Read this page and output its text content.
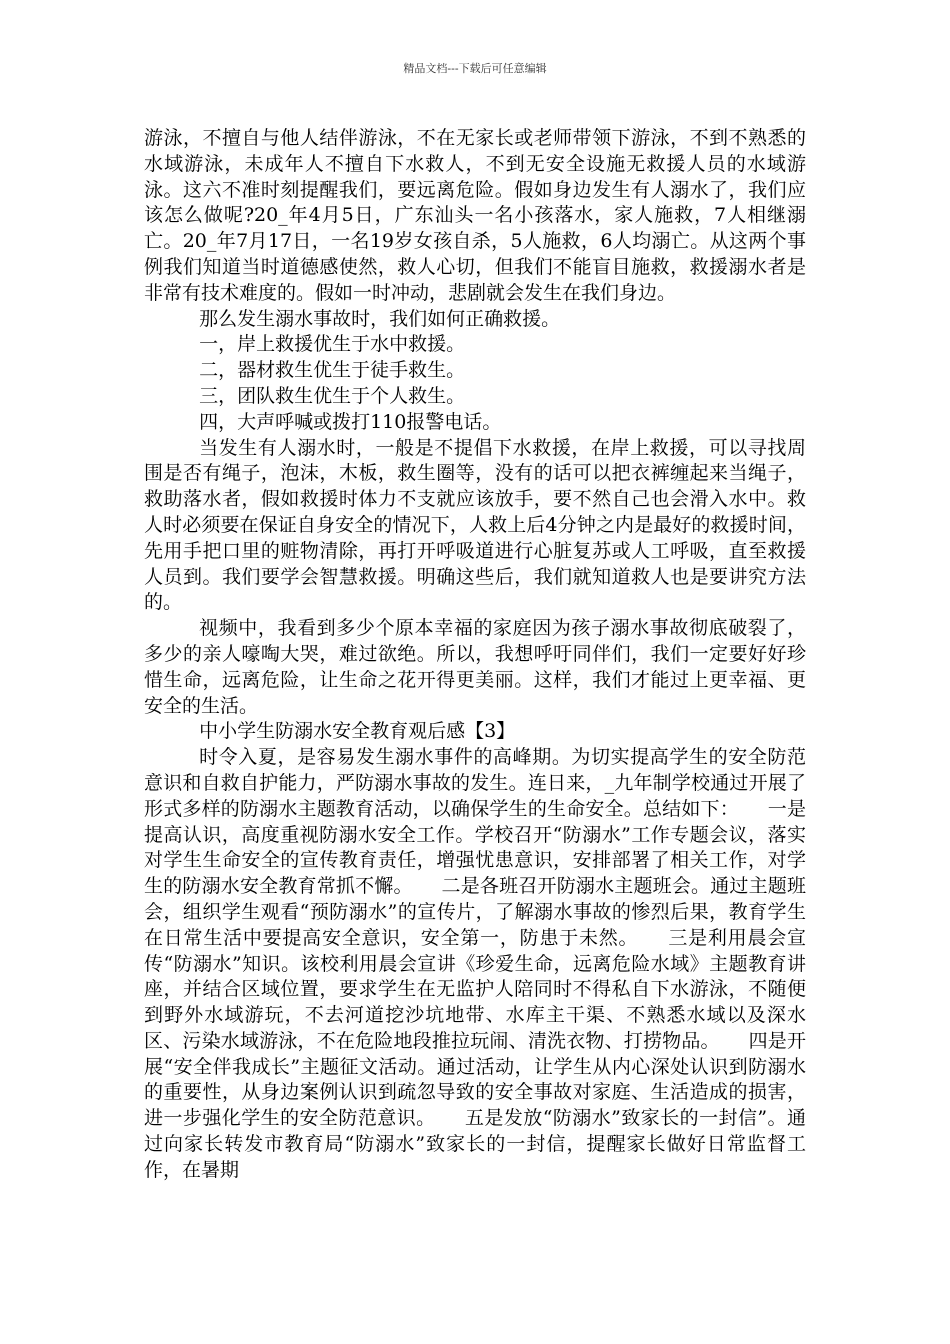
精品文档---下载后可任意编辑

游泳，不擅自与他人结伴游泳，不在无家长或老师带领下游泳，不到不熟悉的水域游泳，未成年人不擅自下水救人，不到无安全设施无救援人员的水域游泳。这六不准时刻提醒我们，要远离危险。假如身边发生有人溺水了，我们应该怎么做呢?20_年4月5日，广东汕头一名小孩落水，家人施救，7人相继溺亡。20_年7月17日，一名19岁女孩自杀，5人施救，6人均溺亡。从这两个事例我们知道当时道德感使然，救人心切，但我们不能盲目施救，救援溺水者是非常有技术难度的。假如一时冲动，悲剧就会发生在我们身边。

那么发生溺水事故时，我们如何正确救援。

一，岸上救援优生于水中救援。

二，器材救生优生于徒手救生。

三，团队救生优生于个人救生。

四，大声呼喊或拨打110报警电话。

当发生有人溺水时，一般是不提倡下水救援，在岸上救援，可以寻找周围是否有绳子，泡沫，木板，救生圈等，没有的话可以把衣裤缠起来当绳子，救助落水者，假如救援时体力不支就应该放手，要不然自己也会滑入水中。救人时必须要在保证自身安全的情况下，人救上后4分钟之内是最好的救援时间，先用手把口里的赃物清除，再打开呼吸道进行心脏复苏或人工呼吸，直至救援人员到。我们要学会智慧救援。明确这些后，我们就知道救人也是要讲究方法的。

视频中，我看到多少个原本幸福的家庭因为孩子溺水事故彻底破裂了，多少的亲人嚎啕大哭，难过欲绝。所以，我想呼吁同伴们，我们一定要好好珍惜生命，远离危险，让生命之花开得更美丽。这样，我们才能过上更幸福、更安全的生活。

中小学生防溺水安全教育观后感【3】

时令入夏，是容易发生溺水事件的高峰期。为切实提高学生的安全防范意识和自救自护能力，严防溺水事故的发生。连日来，_九年制学校通过开展了形式多样的防溺水主题教育活动，以确保学生的生命安全。总结如下：　　一是提高认识，高度重视防溺水安全工作。学校召开“防溺水”工作专题会议，落实对学生生命安全的宣传教育责任，增强忧患意识，安排部署了相关工作，对学生的防溺水安全教育常抓不懈。　　二是各班召开防溺水主题班会。通过主题班会，组织学生观看“预防溺水”的宣传片，了解溺水事故的惨烈后果，教育学生在日常生活中要提高安全意识，安全第一，防患于未然。　　三是利用晨会宣传“防溺水”知识。该校利用晨会宣讲《珍爱生命，远离危险水域》主题教育讲座，并结合区域位置，要求学生在无监护人陪同时不得私自下水游泳，不随便到野外水域游玩，不去河道挖沙坑地带、水库主干渠、不熟悉水域以及深水区、污染水域游泳，不在危险地段推拉玩闹、清洗衣物、打捞物品。　　四是开展“安全伴我成长”主题征文活动。通过活动，让学生从内心深处认识到防溺水的重要性，从身边案例认识到疏忽导致的安全事故对家庭、生活造成的损害，进一步强化学生的安全防范意识。　　五是发放“防溺水”致家长的一封信”。通过向家长转发市教育局“防溺水”致家长的一封信，提醒家长做好日常监督工作，在暑期
